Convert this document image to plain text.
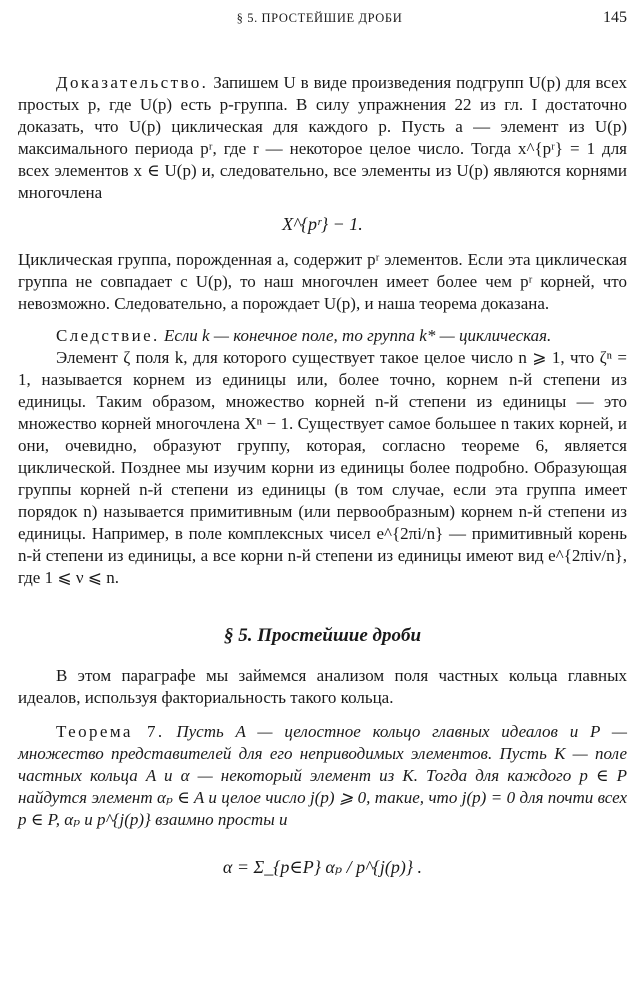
§ 5. ПРОСТЕЙШИЕ ДРОБИ	145

Доказательство. Запишем U в виде произведения подгрупп U(p) для всех простых p, где U(p) есть p-группа. В силу упражнения 22 из гл. I достаточно доказать, что U(p) циклическая для каждого p. Пусть a — элемент из U(p) максимального периода pʳ, где r — некоторое целое число. Тогда x^{pʳ} = 1 для всех элементов x ∈ U(p) и, следовательно, все элементы из U(p) являются корнями многочлена

X^{pʳ} − 1.

Циклическая группа, порожденная a, содержит pʳ элементов. Если эта циклическая группа не совпадает с U(p), то наш многочлен имеет более чем pʳ корней, что невозможно. Следовательно, a порождает U(p), и наша теорема доказана.

Следствие. Если k — конечное поле, то группа k* — циклическая.

Элемент ζ поля k, для которого существует такое целое число n ⩾ 1, что ζⁿ = 1, называется корнем из единицы или, более точно, корнем n-й степени из единицы. Таким образом, множество корней n-й степени из единицы — это множество корней многочлена Xⁿ − 1. Существует самое большее n таких корней, и они, очевидно, образуют группу, которая, согласно теореме 6, является циклической. Позднее мы изучим корни из единицы более подробно. Образующая группы корней n-й степени из единицы (в том случае, если эта группа имеет порядок n) называется примитивным (или первообразным) корнем n-й степени из единицы. Например, в поле комплексных чисел e^{2πi/n} — примитивный корень n-й степени из единицы, а все корни n-й степени из единицы имеют вид e^{2πiν/n}, где 1 ⩽ ν ⩽ n.

§ 5. Простейшие дроби

В этом параграфе мы займемся анализом поля частных кольца главных идеалов, используя факториальность такого кольца.

Теорема 7. Пусть A — целостное кольцо главных идеалов и P — множество представителей для его неприводимых элементов. Пусть K — поле частных кольца A и α — некоторый элемент из K. Тогда для каждого p ∈ P найдутся элемент αₚ ∈ A и целое число j(p) ⩾ 0, такие, что j(p) = 0 для почти всех p ∈ P, αₚ и p^{j(p)} взаимно просты и

α = Σ_{p∈P} αₚ / p^{j(p)} .
